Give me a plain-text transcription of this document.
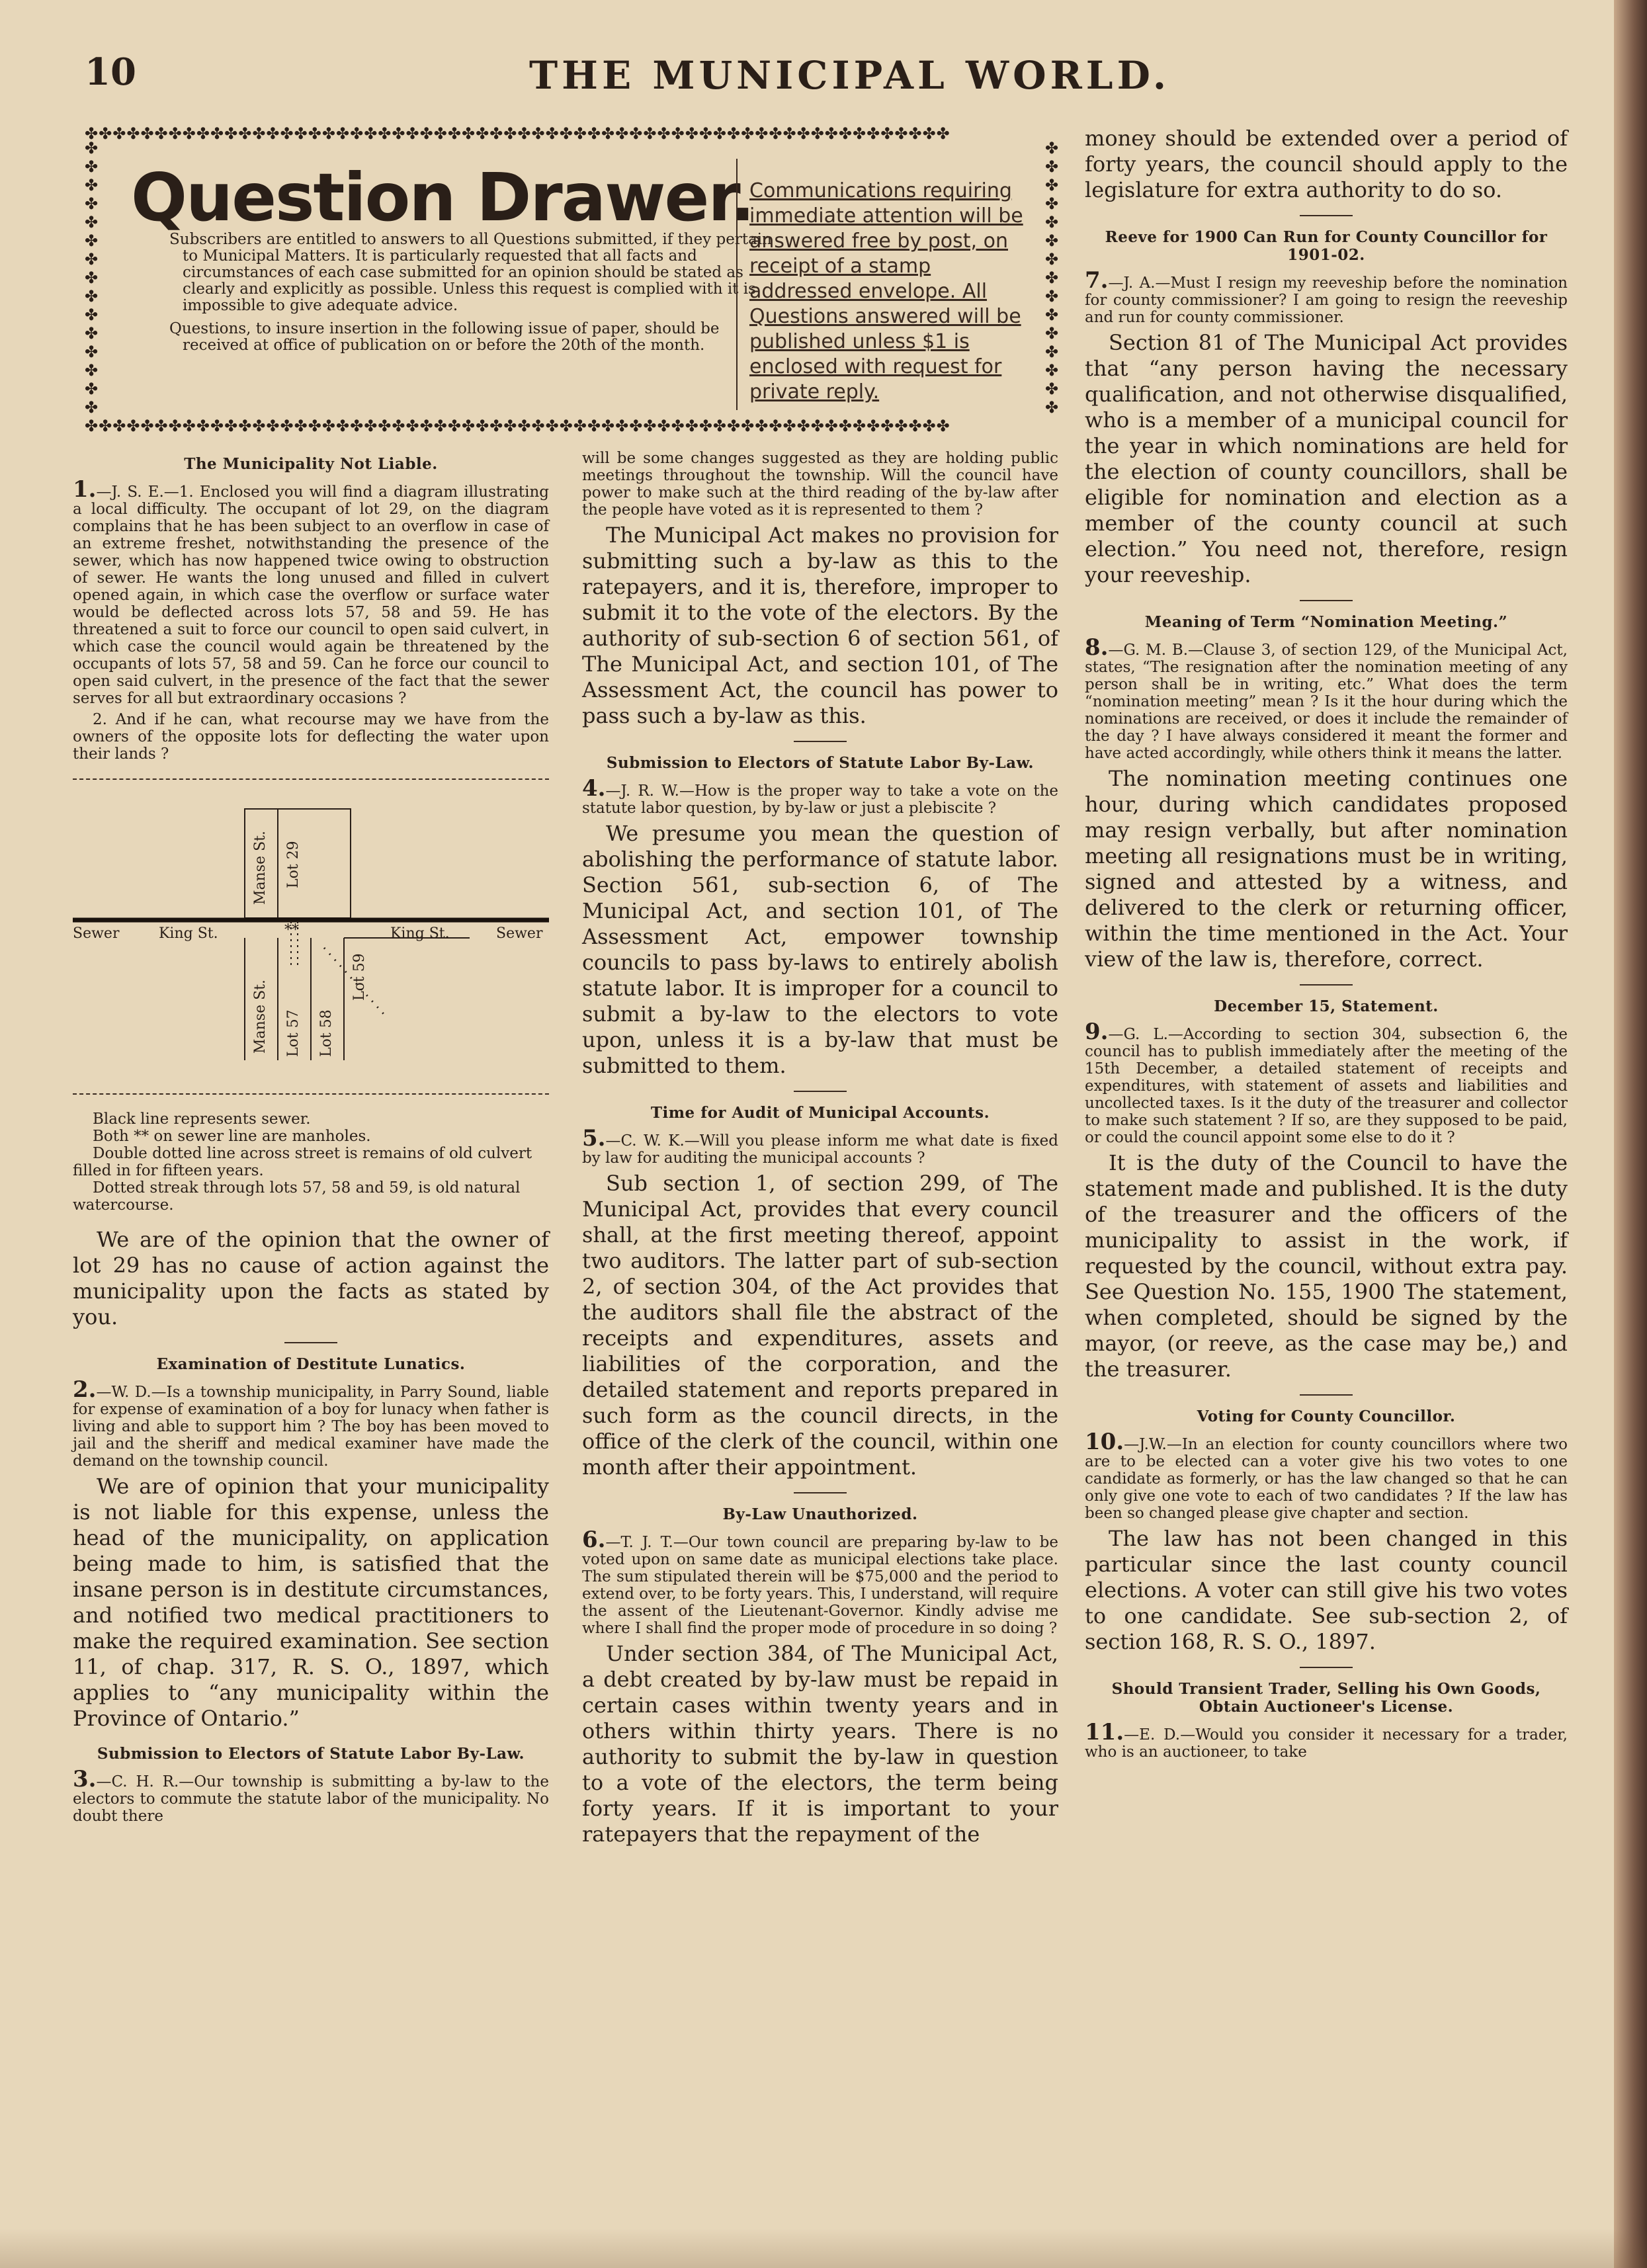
10	THE MUNICIPAL WORLD.
✤✤✤✤✤✤✤✤✤✤✤✤✤✤✤✤✤✤✤✤✤✤✤✤✤✤✤✤✤✤✤✤✤✤✤✤✤✤✤✤✤✤✤✤✤✤✤✤✤✤✤✤✤✤✤✤✤✤✤✤✤✤
✤✤✤✤✤✤✤✤✤✤✤✤✤✤✤✤✤✤✤✤✤✤✤✤✤✤✤✤✤✤✤✤✤✤✤✤✤✤✤✤✤✤✤✤✤✤✤✤✤✤✤✤✤✤✤✤✤✤✤✤✤✤
✤✤✤✤✤✤✤✤✤✤✤✤✤✤✤
✤✤✤✤✤✤✤✤✤✤✤✤✤✤✤
Question Drawer.

Subscribers are entitled to answers to all Questions submitted, if they pertain to Municipal Matters. It is particularly requested that all facts and circumstances of each case submitted for an opinion should be stated as clearly and explicitly as possible. Unless this request is complied with it is impossible to give adequate advice.

Questions, to insure insertion in the following issue of paper, should be received at office of publication on or before the 20th of the month.

Communications requiring immediate attention will be answered free by post, on receipt of a stamp addressed envelope. All Questions answered will be published unless $1 is enclosed with request for private reply.
The Municipality Not Liable.

1.—J. S. E.—1. Enclosed you will find a diagram illustrating a local difficulty. The occupant of lot 29, on the diagram complains that he has been subject to an overflow in case of an extreme freshet, notwithstanding the presence of the sewer, which has now happened twice owing to obstruction of sewer. He wants the long unused and filled in culvert opened again, in which case the overflow or surface water would be deflected across lots 57, 58 and 59. He has threatened a suit to force our council to open said culvert, in which case the council would again be threatened by the occupants of lots 57, 58 and 59. Can he force our council to open said culvert, in the presence of the fact that the sewer serves for all but extraordinary occasions ?

2. And if he can, what recourse may we have from the owners of the opposite lots for deflecting the water upon their lands ?

Manse St. Lot 29
Sewer	King St.	**	King St.	Sewer
Manse St. Lot 57 Lot 58
Lot 59

Black line represents sewer.

Both ** on sewer line are manholes.

Double dotted line across street is remains of old culvert filled in for fifteen years.

Dotted streak through lots 57, 58 and 59, is old natural watercourse.

We are of the opinion that the owner of lot 29 has no cause of action against the municipality upon the facts as stated by you.

Examination of Destitute Lunatics.

2.—W. D.—Is a township municipality, in Parry Sound, liable for expense of examination of a boy for lunacy when father is living and able to support him ? The boy has been moved to jail and the sheriff and medical examiner have made the demand on the township council.

We are of opinion that your municipality is not liable for this expense, unless the head of the municipality, on application being made to him, is satisfied that the insane person is in destitute circumstances, and notified two medical practitioners to make the required examination. See section 11, of chap. 317, R. S. O., 1897, which applies to “any municipality within the Province of Ontario.”

Submission to Electors of Statute Labor By-Law.

3.—C. H. R.—Our township is submitting a by-law to the electors to commute the statute labor of the municipality. No doubt there

will be some changes suggested as they are holding public meetings throughout the township. Will the council have power to make such at the third reading of the by-law after the people have voted as it is represented to them ?

The Municipal Act makes no provision for submitting such a by-law as this to the ratepayers, and it is, therefore, improper to submit it to the vote of the electors. By the authority of sub-section 6 of section 561, of The Municipal Act, and section 101, of The Assessment Act, the council has power to pass such a by-law as this.

Submission to Electors of Statute Labor By-Law.

4.—J. R. W.—How is the proper way to take a vote on the statute labor question, by by-law or just a plebiscite ?

We presume you mean the question of abolishing the performance of statute labor. Section 561, sub-section 6, of The Municipal Act, and section 101, of The Assessment Act, empower township councils to pass by-laws to entirely abolish statute labor. It is improper for a council to submit a by-law to the electors to vote upon, unless it is a by-law that must be submitted to them.

Time for Audit of Municipal Accounts.

5.—C. W. K.—Will you please inform me what date is fixed by law for auditing the municipal accounts ?

Sub section 1, of section 299, of The Municipal Act, provides that every council shall, at the first meeting thereof, appoint two auditors. The latter part of sub-section 2, of section 304, of the Act provides that the auditors shall file the abstract of the receipts and expenditures, assets and liabilities of the corporation, and the detailed statement and reports prepared in such form as the council directs, in the office of the clerk of the council, within one month after their appointment.

By-Law Unauthorized.

6.—T. J. T.—Our town council are preparing by-law to be voted upon on same date as municipal elections take place. The sum stipulated therein will be $75,000 and the period to extend over, to be forty years. This, I understand, will require the assent of the Lieutenant-Governor. Kindly advise me where I shall find the proper mode of procedure in so doing ?

Under section 384, of The Municipal Act, a debt created by by-law must be repaid in certain cases within twenty years and in others within thirty years. There is no authority to submit the by-law in question to a vote of the electors, the term being forty years. If it is important to your ratepayers that the repayment of the

money should be extended over a period of forty years, the council should apply to the legislature for extra authority to do so.

Reeve for 1900 Can Run for County Councillor for 1901-02.

7.—J. A.—Must I resign my reeveship before the nomination for county commissioner? I am going to resign the reeveship and run for county commissioner.

Section 81 of The Municipal Act provides that “any person having the necessary qualification, and not otherwise disqualified, who is a member of a municipal council for the year in which nominations are held for the election of county councillors, shall be eligible for nomination and election as a member of the county council at such election.” You need not, therefore, resign your reeveship.

Meaning of Term “Nomination Meeting.”

8.—G. M. B.—Clause 3, of section 129, of the Municipal Act, states, “The resignation after the nomination meeting of any person shall be in writing, etc.” What does the term “nomination meeting” mean ? Is it the hour during which the nominations are received, or does it include the remainder of the day ? I have always considered it meant the former and have acted accordingly, while others think it means the latter.

The nomination meeting continues one hour, during which candidates proposed may resign verbally, but after nomination meeting all resignations must be in writing, signed and attested by a witness, and delivered to the clerk or returning officer, within the time mentioned in the Act. Your view of the law is, therefore, correct.

December 15, Statement.

9.—G. L.—According to section 304, subsection 6, the council has to publish immediately after the meeting of the 15th December, a detailed statement of receipts and expenditures, with statement of assets and liabilities and uncollected taxes. Is it the duty of the treasurer and collector to make such statement ? If so, are they supposed to be paid, or could the council appoint some else to do it ?

It is the duty of the Council to have the statement made and published. It is the duty of the treasurer and the officers of the municipality to assist in the work, if requested by the council, without extra pay. See Question No. 155, 1900 The statement, when completed, should be signed by the mayor, (or reeve, as the case may be,) and the treasurer.

Voting for County Councillor.

10.—J.W.—In an election for county councillors where two are to be elected can a voter give his two votes to one candidate as formerly, or has the law changed so that he can only give one vote to each of two candidates ? If the law has been so changed please give chapter and section.

The law has not been changed in this particular since the last county council elections. A voter can still give his two votes to one candidate. See sub-section 2, of section 168, R. S. O., 1897.

Should Transient Trader, Selling his Own Goods, Obtain Auctioneer's License.

11.—E. D.—Would you consider it necessary for a trader, who is an auctioneer, to take
